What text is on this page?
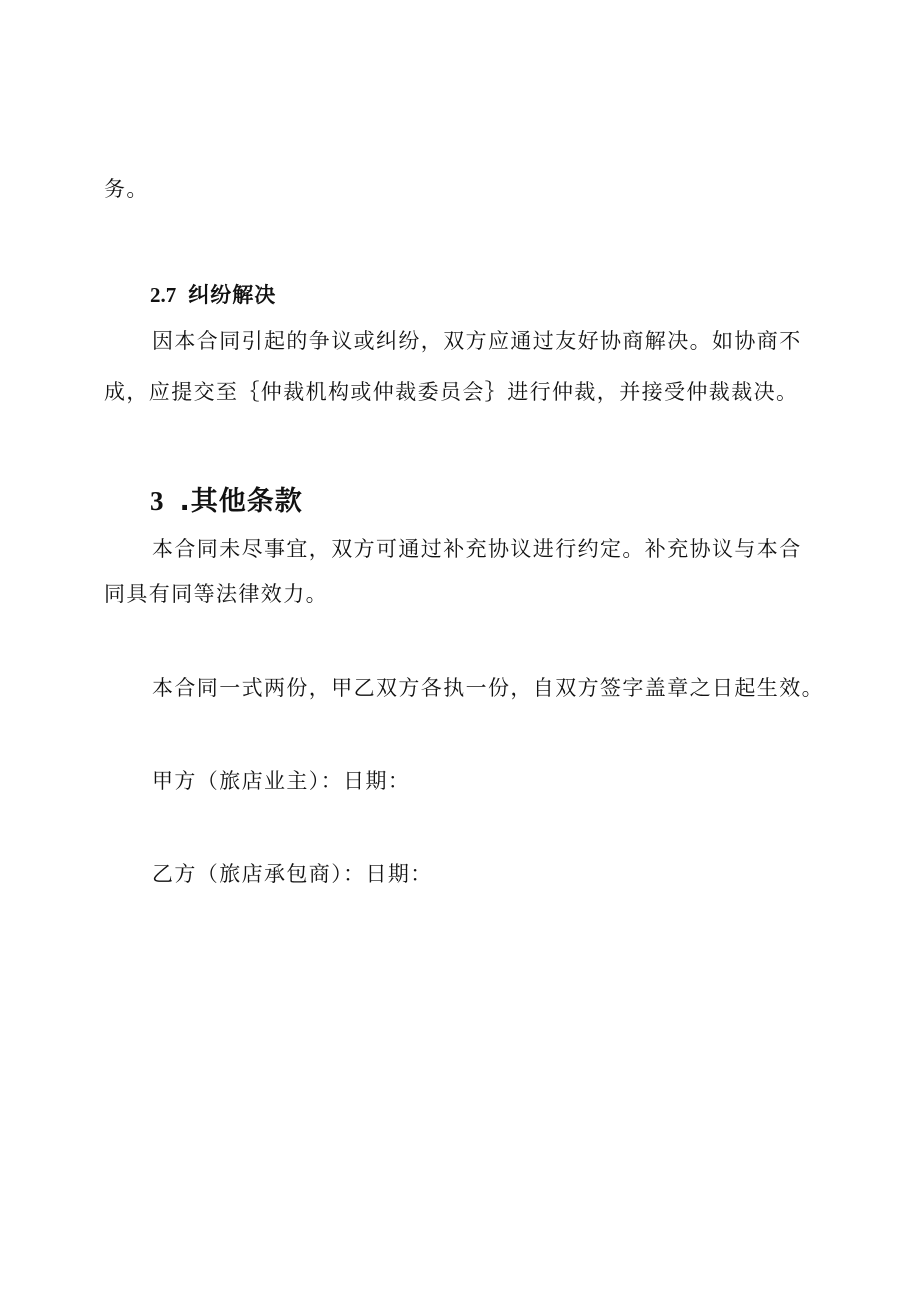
务。
2.7 纠纷解决
因本合同引起的争议或纠纷，双方应通过友好协商解决。如协商不
成，应提交至｛仲裁机构或仲裁委员会｝进行仲裁，并接受仲裁裁决。
3 .其他条款
本合同未尽事宜，双方可通过补充协议进行约定。补充协议与本合
同具有同等法律效力。
本合同一式两份，甲乙双方各执一份，自双方签字盖章之日起生效。
甲方（旅店业主）：日期：
乙方（旅店承包商）：日期：
